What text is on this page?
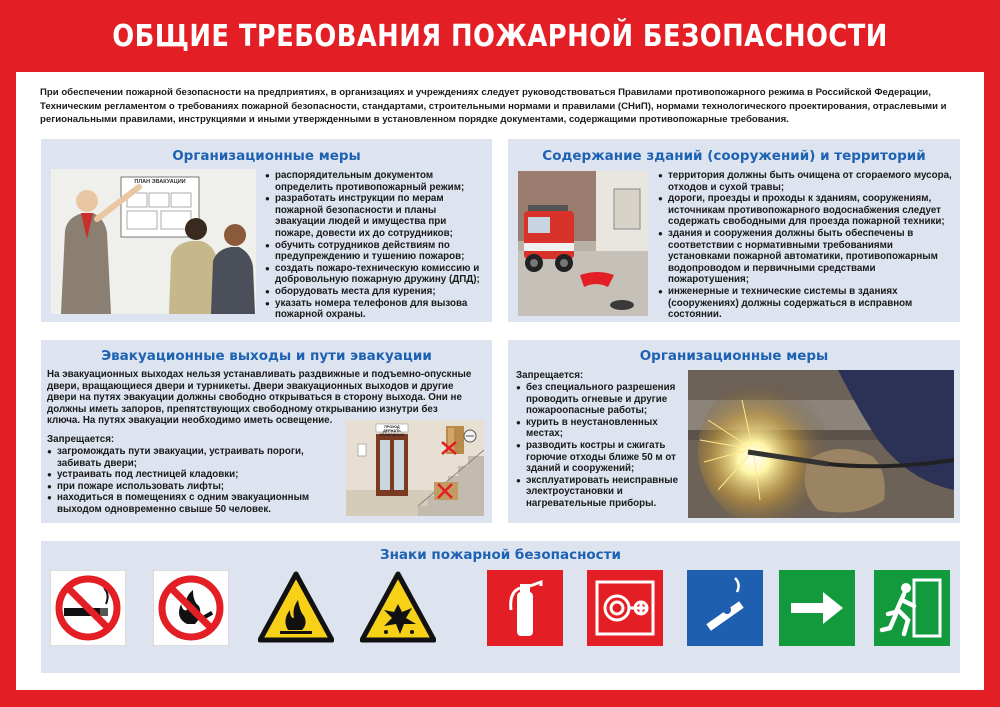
ОБЩИЕ ТРЕБОВАНИЯ ПОЖАРНОЙ БЕЗОПАСНОСТИ
При обеспечении пожарной безопасности на предприятиях, в организациях и учреждениях следует руководствоваться Правилами противопожарного режима в Российской Федерации, Техническим регламентом о требованиях пожарной безопасности, стандартами, строительными нормами и правилами (СНиП), нормами технологического проектирования, отраслевыми и региональными правилами, инструкциями и иными утвержденными в установленном порядке документами, содержащими противопожарные требования.
Организационные меры
ПЛАН ЭВАКУАЦИИ
● распорядительным документом определить противопожарный режим;
● разработать инструкции по мерам пожарной безопасности и планы эвакуации людей и имущества при пожаре, довести их до сотрудников;
● обучить сотрудников действиям по предупреждению и тушению пожаров;
● создать пожаро-техническую комиссию и добровольную пожарную дружину (ДПД);
● оборудовать места для курения;
● указать номера телефонов для вызова пожарной охраны.
Содержание зданий (сооружений) и территорий
● территория должны быть очищена от сгораемого мусора, отходов и сухой травы;
● дороги, проезды и проходы к зданиям, сооружениям, источникам противопожарного водоснабжения следует содержать свободными для проезда пожарной техники;
● здания и сооружения должны быть обеспечены в соответствии с нормативными требованиями установками пожарной автоматики, противопожарным водопроводом и первичными средствами пожаротушения;
● инженерные и технические системы в зданиях (сооружениях) должны содержаться в исправном состоянии.
Эвакуационные выходы и пути эвакуации
На эвакуационных выходах нельзя устанавливать раздвижные и подъемно-опускные двери, вращающиеся двери и турникеты. Двери эвакуационных выходов и другие двери на путях эвакуации должны свободно открываться в сторону выхода. Они не должны иметь запоров, препятствующих свободному открыванию изнутри без ключа. На путях эвакуации необходимо иметь освещение.
Запрещается:
● загромождать пути эвакуации, устраивать пороги, забивать двери;
● устраивать под лестницей кладовки;
● при пожаре использовать лифты;
● находиться в помещениях с одним эвакуационным выходом одновременно свыше 50 человек.
ПРОХОД ДЕРЖАТЬ СВОБОДНЫМ
Организационные меры
Запрещается:
● без специального разрешения проводить огневые и другие пожароопасные работы;
● курить в неустановленных местах;
● разводить костры и сжигать горючие отходы ближе 50 м от зданий и сооружений;
● эксплуатировать неисправные электроустановки и нагревательные приборы.
Знаки пожарной безопасности
